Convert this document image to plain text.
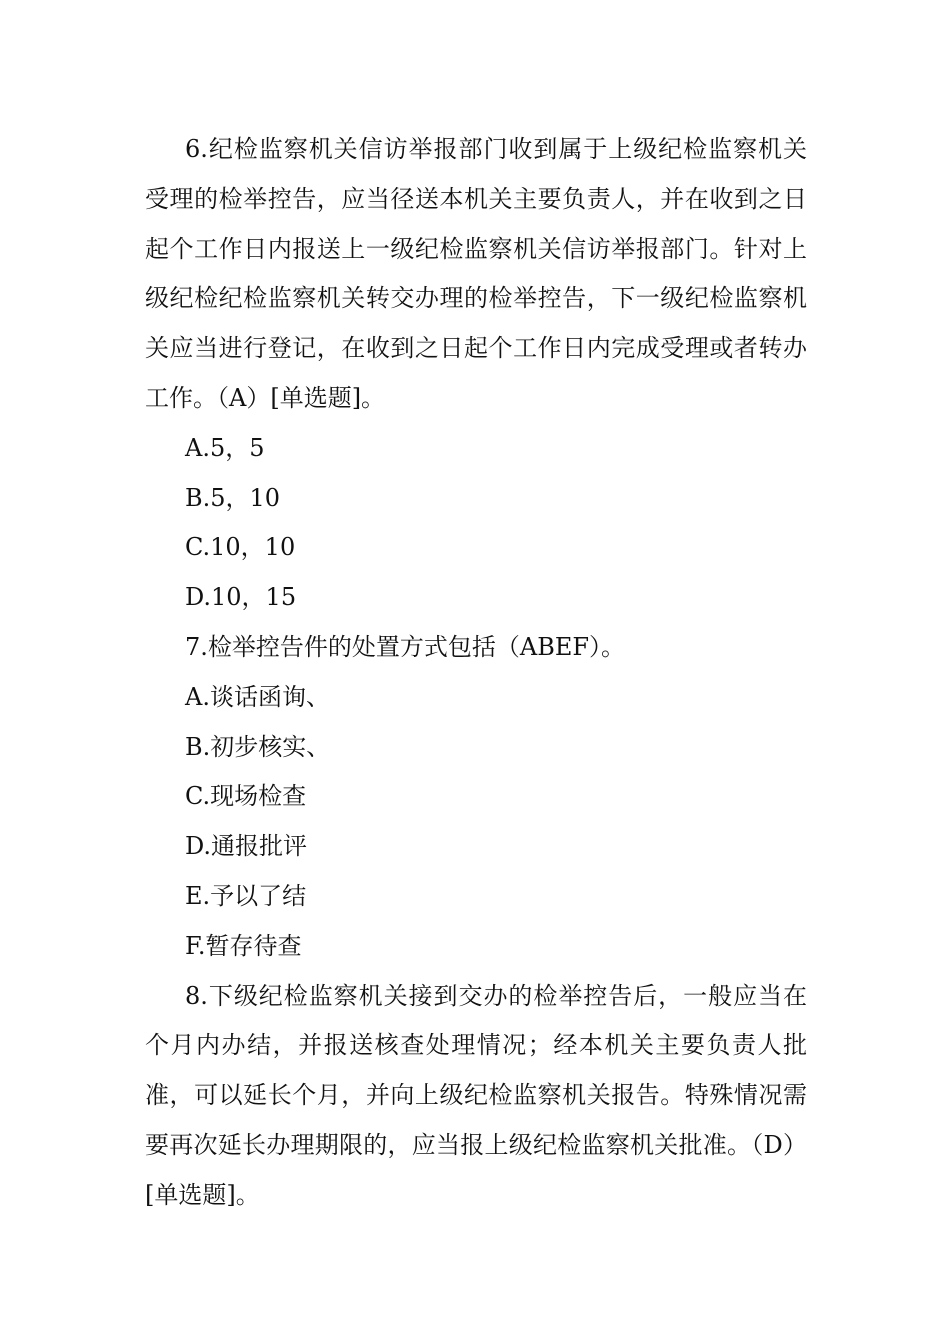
6.纪检监察机关信访举报部门收到属于上级纪检监察机关受理的检举控告，应当径送本机关主要负责人，并在收到之日起个工作日内报送上一级纪检监察机关信访举报部门。针对上级纪检纪检监察机关转交办理的检举控告，下一级纪检监察机关应当进行登记，在收到之日起个工作日内完成受理或者转办工作。（A）[单选题]。

A.5，5

B.5，10

C.10，10

D.10，15

7.检举控告件的处置方式包括（ABEF）。

A.谈话函询、

B.初步核实、

C.现场检查

D.通报批评

E.予以了结

F.暂存待查

8.下级纪检监察机关接到交办的检举控告后，一般应当在个月内办结，并报送核查处理情况；经本机关主要负责人批准，可以延长个月，并向上级纪检监察机关报告。特殊情况需要再次延长办理期限的，应当报上级纪检监察机关批准。（D）[单选题]。
